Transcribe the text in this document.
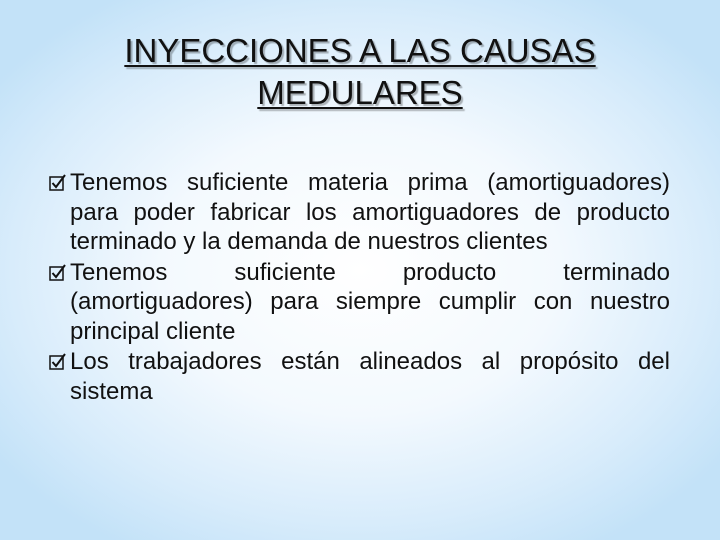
INYECCIONES A LAS CAUSAS
MEDULARES
Tenemos suficiente materia prima (amortiguadores) para poder fabricar los amortiguadores de producto terminado y la demanda de nuestros clientes
Tenemos suficiente producto terminado (amortiguadores) para siempre cumplir con nuestro principal cliente
Los trabajadores están alineados al propósito del sistema
